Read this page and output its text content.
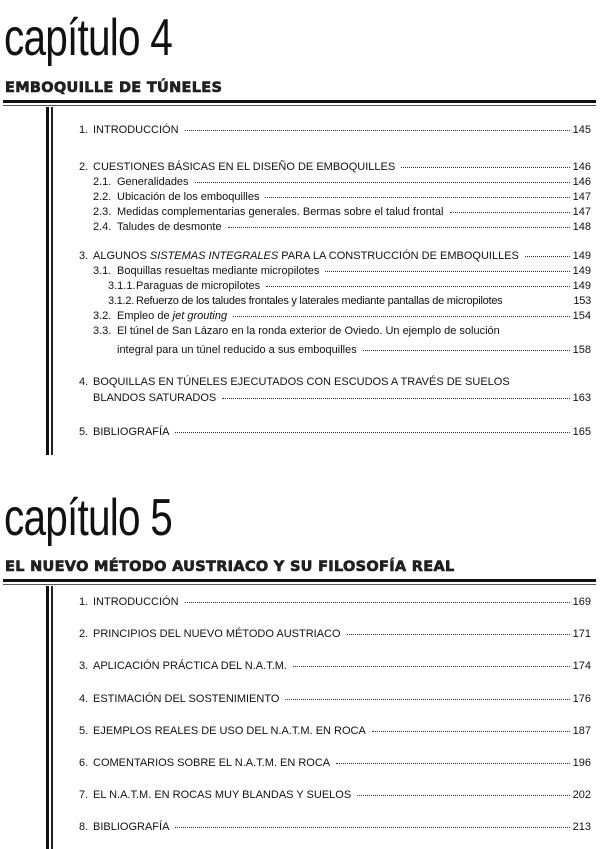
capítulo 4
EMBOQUILLE DE TÚNELES
1. INTRODUCCIÓN	145
2. CUESTIONES BÁSICAS EN EL DISEÑO DE EMBOQUILLES	146
2.1. Generalidades	146
2.2. Ubicación de los emboquilles	147
2.3. Medidas complementarias generales. Bermas sobre el talud frontal	147
2.4. Taludes de desmonte	148
3. ALGUNOS SISTEMAS INTEGRALES PARA LA CONSTRUCCIÓN DE EMBOQUILLES	149
3.1. Boquillas resueltas mediante micropilotes	149
3.1.1. Paraguas de micropilotes	149
3.1.2. Refuerzo de los taludes frontales y laterales mediante pantallas de micropilotes	153
3.2. Empleo de jet grouting	154
3.3. El túnel de San Lázaro en la ronda exterior de Oviedo. Un ejemplo de solución
integral para un túnel reducido a sus emboquilles	158
4. BOQUILLAS EN TÚNELES EJECUTADOS CON ESCUDOS A TRAVÉS DE SUELOS
BLANDOS SATURADOS	163
5. BIBLIOGRAFÍA	165
capítulo 5
EL NUEVO MÉTODO AUSTRIACO Y SU FILOSOFÍA REAL
1. INTRODUCCIÓN	169
2. PRINCIPIOS DEL NUEVO MÉTODO AUSTRIACO	171
3. APLICACIÓN PRÁCTICA DEL N.A.T.M.	174
4. ESTIMACIÓN DEL SOSTENIMIENTO	176
5. EJEMPLOS REALES DE USO DEL N.A.T.M. EN ROCA	187
6. COMENTARIOS SOBRE EL N.A.T.M. EN ROCA	196
7. EL N.A.T.M. EN ROCAS MUY BLANDAS Y SUELOS	202
8. BIBLIOGRAFÍA	213
